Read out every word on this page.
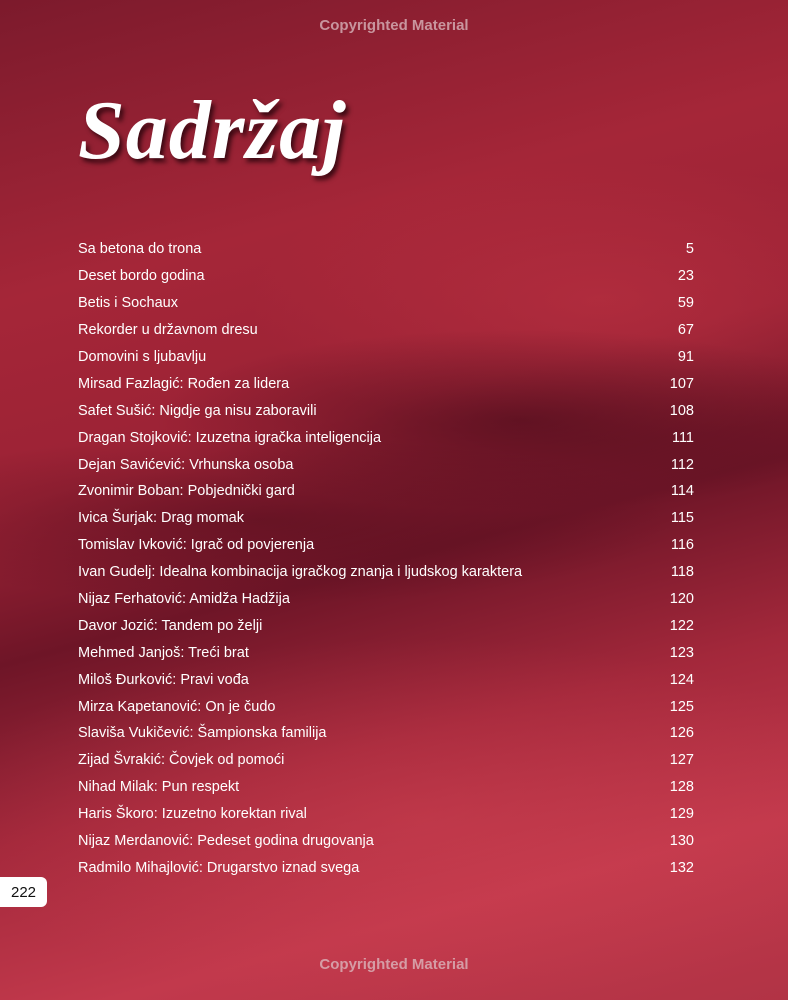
Copyrighted Material
Sadržaj
Sa betona do trona	5
Deset bordo godina	23
Betis i Sochaux	59
Rekorder u državnom dresu	67
Domovini s ljubavlju	91
Mirsad Fazlagić: Rođen za lidera	107
Safet Sušić: Nigdje ga nisu zaboravili	108
Dragan Stojković: Izuzetna igračka inteligencija	111
Dejan Savićević: Vrhunska osoba	112
Zvonimir Boban: Pobjednički gard	114
Ivica Šurjak: Drag momak	115
Tomislav Ivković: Igrač od povjerenja	116
Ivan Gudelj: Idealna kombinacija igračkog znanja i ljudskog karaktera	118
Nijaz Ferhatović: Amidža Hadžija	120
Davor Jozić: Tandem po želji	122
Mehmed Janjoš: Treći brat	123
Miloš Đurković: Pravi vođa	124
Mirza Kapetanović: On je čudo	125
Slaviša Vukičević: Šampionska familija	126
Zijad Švrakić: Čovjek od pomoći	127
Nihad Milak: Pun respekt	128
Haris Škoro: Izuzetno korektan rival	129
Nijaz Merdanović: Pedeset godina drugovanja	130
Radmilo Mihajlović: Drugarstvo iznad svega	132
222
Copyrighted Material
